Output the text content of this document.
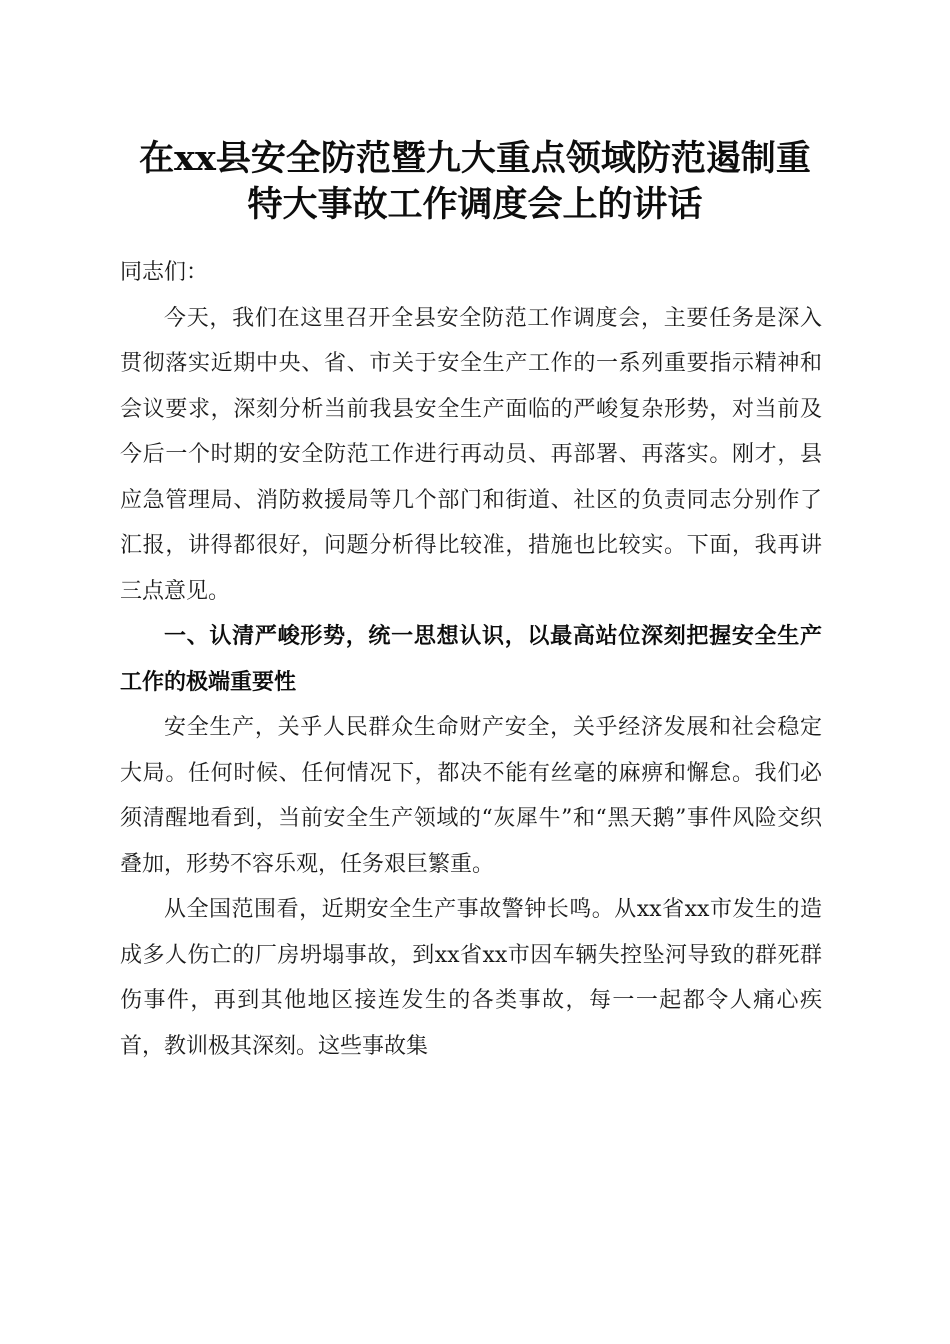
在xx县安全防范暨九大重点领域防范遏制重
特大事故工作调度会上的讲话

同志们：

今天，我们在这里召开全县安全防范工作调度会，主要任务是深入贯彻落实近期中央、省、市关于安全生产工作的一系列重要指示精神和会议要求，深刻分析当前我县安全生产面临的严峻复杂形势，对当前及今后一个时期的安全防范工作进行再动员、再部署、再落实。刚才，县应急管理局、消防救援局等几个部门和街道、社区的负责同志分别作了汇报，讲得都很好，问题分析得比较准，措施也比较实。下面，我再讲三点意见。

一、认清严峻形势，统一思想认识，以最高站位深刻把握安全生产工作的极端重要性

安全生产，关乎人民群众生命财产安全，关乎经济发展和社会稳定大局。任何时候、任何情况下，都决不能有丝毫的麻痹和懈怠。我们必须清醒地看到，当前安全生产领域的“灰犀牛”和“黑天鹅”事件风险交织叠加，形势不容乐观，任务艰巨繁重。

从全国范围看，近期安全生产事故警钟长鸣。从xx省xx市发生的造成多人伤亡的厂房坍塌事故，到xx省xx市因车辆失控坠河导致的群死群伤事件，再到其他地区接连发生的各类事故，每一一起都令人痛心疾首，教训极其深刻。这些事故集
